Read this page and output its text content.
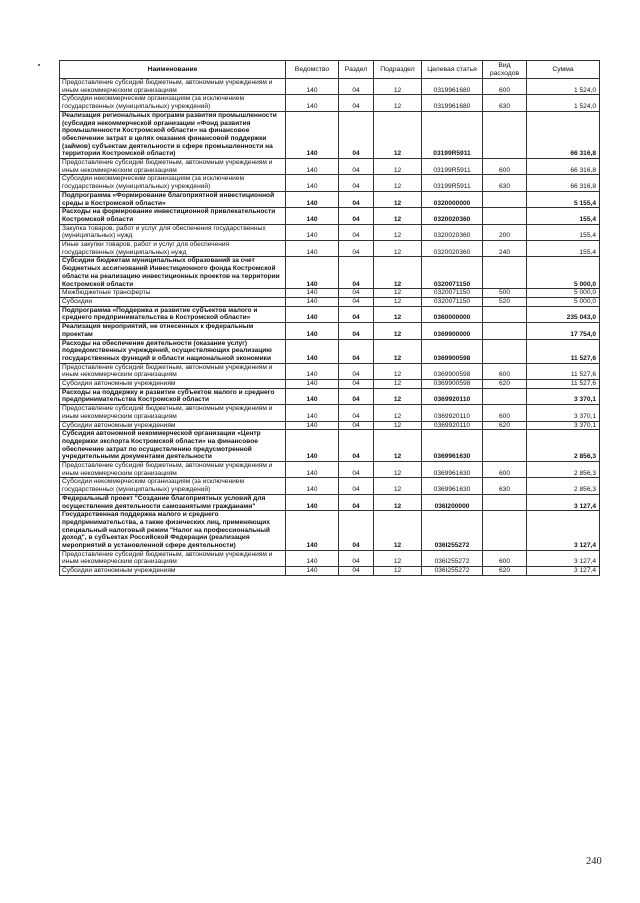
Наименование	Ведомство	Раздел	Подраздел	Целевая статья	Вид расходов	Сумма
Предоставление субсидий бюджетным, автономным учреждениям и иным некоммерческим организациям	140	04	12	0319961680	600	1 524,0
Субсидии некоммерческим организациям (за исключением государственных (муниципальных) учреждений)	140	04	12	0319961680	630	1 524,0
Реализация региональных программ развития промышленности (субсидия некоммерческой организации «Фонд развития промышленности Костромской области» на финансовое обеспечение затрат в целях оказания финансовой поддержки (займов) субъектам деятельности в сфере промышленности на территории Костромской области)	140	04	12	03199R5911		66 316,8
Предоставление субсидий бюджетным, автономным учреждениям и иным некоммерческим организациям	140	04	12	03199R5911	600	66 316,8
Субсидии некоммерческим организациям (за исключением государственных (муниципальных) учреждений)	140	04	12	03199R5911	630	66 316,8
Подпрограмма «Формирование благоприятной инвестиционной среды в Костромской области»	140	04	12	0320000000		5 155,4
Расходы на формирование инвестиционной привлекательности Костромской области	140	04	12	0320020360		155,4
Закупка товаров, работ и услуг для обеспечения государственных (муниципальных) нужд	140	04	12	0320020360	200	155,4
Иные закупки товаров, работ и услуг для обеспечения государственных (муниципальных) нужд	140	04	12	0320020360	240	155,4
Субсидии бюджетам муниципальных образований за счет бюджетных ассигнований Инвестиционного фонда Костромской области на реализацию инвестиционных проектов на территории Костромской области	140	04	12	0320071150		5 000,0
Межбюджетные трансферты	140	04	12	0320071150	500	5 000,0
Субсидии	140	04	12	0320071150	520	5 000,0
Подпрограмма «Поддержка и развитие субъектов малого и среднего предпринимательства в Костромской области»	140	04	12	0360000000		235 043,0
Реализация мероприятий, не отнесенных к федеральным проектам	140	04	12	0369900000		17 754,0
Расходы на обеспечение деятельности (оказание услуг) подведомственных учреждений, осуществляющих реализацию государственных функций в области национальной экономики	140	04	12	0369900598		11 527,6
Предоставление субсидий бюджетным, автономным учреждениям и иным некоммерческим организациям	140	04	12	0369900598	600	11 527,6
Субсидии автономным учреждениям	140	04	12	0369900598	620	11 527,6
Расходы на поддержку и развитие субъектов малого и среднего предпринимательства Костромской области	140	04	12	0369920110		3 370,1
Предоставление субсидий бюджетным, автономным учреждениям и иным некоммерческим организациям	140	04	12	0369920110	600	3 370,1
Субсидии автономным учреждениям	140	04	12	0369920110	620	3 370,1
Субсидия автономной некоммерческой организации «Центр поддержки экспорта Костромской области» на финансовое обеспечение затрат по осуществлению предусмотренной учредительными документами деятельности	140	04	12	0369961630		2 856,3
Предоставление субсидий бюджетным, автономным учреждениям и иным некоммерческим организациям	140	04	12	0369961630	600	2 856,3
Субсидии некоммерческим организациям (за исключением государственных (муниципальных) учреждений)	140	04	12	0369961630	630	2 856,3
Федеральный проект "Создание благоприятных условий для осуществления деятельности самозанятыми гражданами"	140	04	12	036I200000		3 127,4
Государственная поддержка малого и среднего предпринимательства, а также физических лиц, применяющих специальный налоговый режим "Налог на профессиональный доход", в субъектах Российской Федерации (реализация мероприятий в установленной сфере деятельности)	140	04	12	036I255272		3 127,4
Предоставление субсидий бюджетным, автономным учреждениям и иным некоммерческим организациям	140	04	12	036I255272	600	3 127,4
Субсидии автономным учреждениям	140	04	12	036I255272	620	3 127,4
240
